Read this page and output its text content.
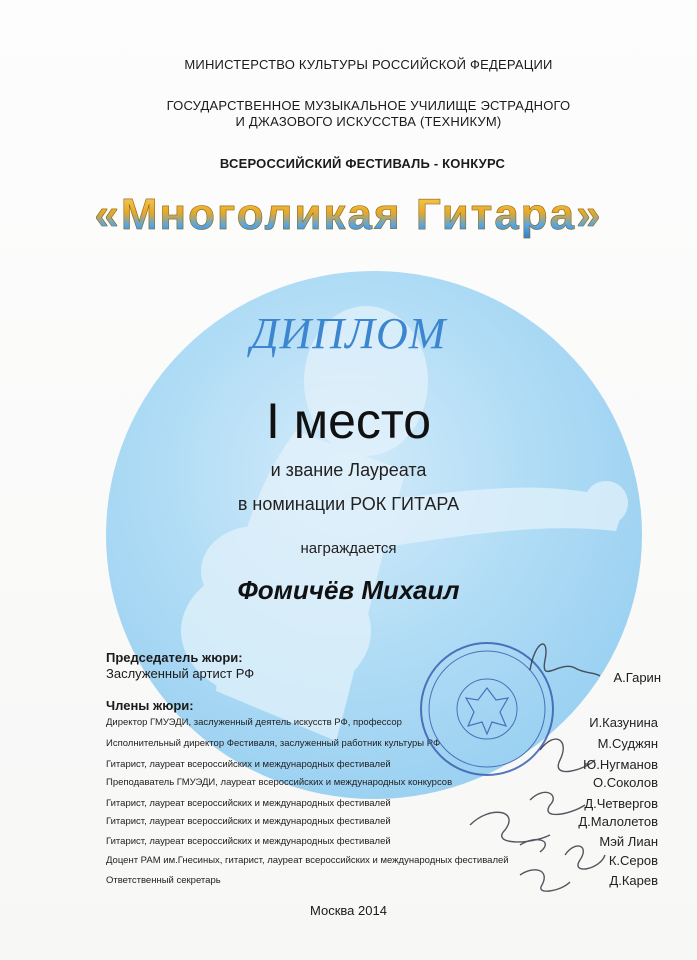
МИНИСТЕРСТВО КУЛЬТУРЫ РОССИЙСКОЙ ФЕДЕРАЦИИ
ГОСУДАРСТВЕННОЕ МУЗЫКАЛЬНОЕ УЧИЛИЩЕ ЭСТРАДНОГО
И ДЖАЗОВОГО ИСКУССТВА (ТЕХНИКУМ)
ВСЕРОССИЙСКИЙ ФЕСТИВАЛЬ - КОНКУРС
«Многоликая Гитара»
ДИПЛОМ
I место
и звание Лауреата
в номинации РОК ГИТАРА
награждается
Фомичёв Михаил
Председатель жюри:
Заслуженный артист РФ	А.Гарин
Члены жюри:
Директор ГМУЭДИ, заслуженный деятель искусств РФ, профессор	И.Казунина
Исполнительный директор Фестиваля, заслуженный работник культуры РФ	М.Суджян
Гитарист, лауреат всероссийских и международных фестивалей	Ю.Нугманов
Преподаватель ГМУЭДИ, лауреат всероссийских и международных конкурсов	О.Соколов
Гитарист, лауреат всероссийских и международных фестивалей	Д.Четвергов
Гитарист, лауреат всероссийских и международных фестивалей	Д.Малолетов
Гитарист, лауреат всероссийских и международных фестивалей	Мэй Лиан
Доцент РАМ им.Гнесиных, гитарист, лауреат всероссийских и международных фестивалей	К.Серов
Ответственный секретарь	Д.Карев
Москва 2014
